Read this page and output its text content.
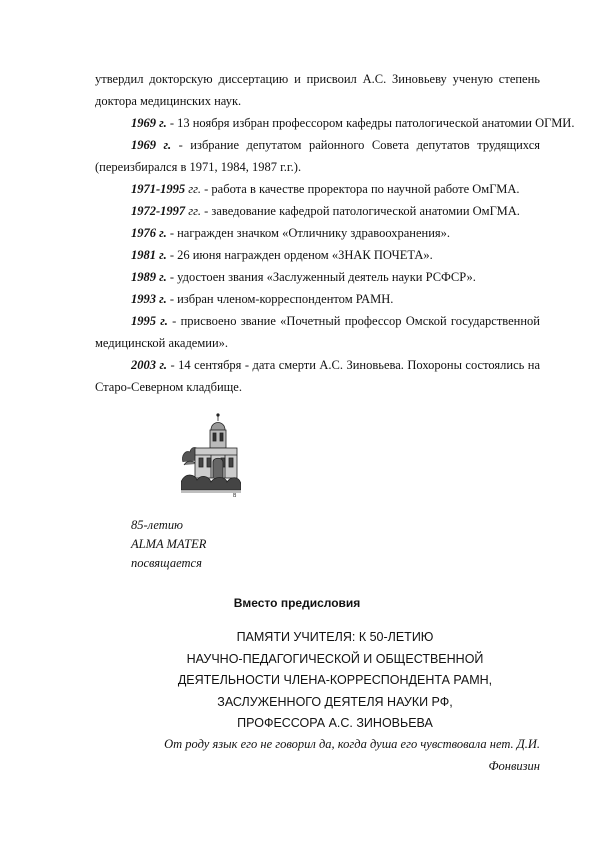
утвердил докторскую диссертацию и присвоил А.С. Зиновьеву ученую степень доктора медицинских наук.

1969 г. - 13 ноября избран профессором кафедры патологической анатомии ОГМИ.

1969 г. - избрание депутатом районного Совета депутатов трудящихся (переизбирался в 1971, 1984, 1987 г.г.).

1971-1995 гг. - работа в качестве проректора по научной работе ОмГМА.

1972-1997 гг. - заведование кафедрой патологической анатомии ОмГМА.

1976 г. - награжден значком «Отличнику здравоохранения».

1981 г. - 26 июня награжден орденом «ЗНАК ПОЧЕТА».

1989 г. - удостоен звания «Заслуженный деятель науки РСФСР».

1993 г. - избран членом-корреспондентом РАМН.

1995 г. - присвоено звание «Почетный профессор Омской государственной медицинской академии».

2003 г. - 14 сентября - дата смерти А.С. Зиновьева. Похороны состоялись на Старо-Северном кладбище.

B
85-летию
ALMA MATER
посвящается
Вместо предисловия
ПАМЯТИ УЧИТЕЛЯ: К 50-ЛЕТИЮ
НАУЧНО-ПЕДАГОГИЧЕСКОЙ И ОБЩЕСТВЕННОЙ
ДЕЯТЕЛЬНОСТИ ЧЛЕНА-КОРРЕСПОНДЕНТА РАМН,
ЗАСЛУЖЕННОГО ДЕЯТЕЛЯ НАУКИ РФ,
ПРОФЕССОРА А.С. ЗИНОВЬЕВА
От роду язык его не говорил да, когда душа его чувствовала нет. Д.И.
Фонвизин
